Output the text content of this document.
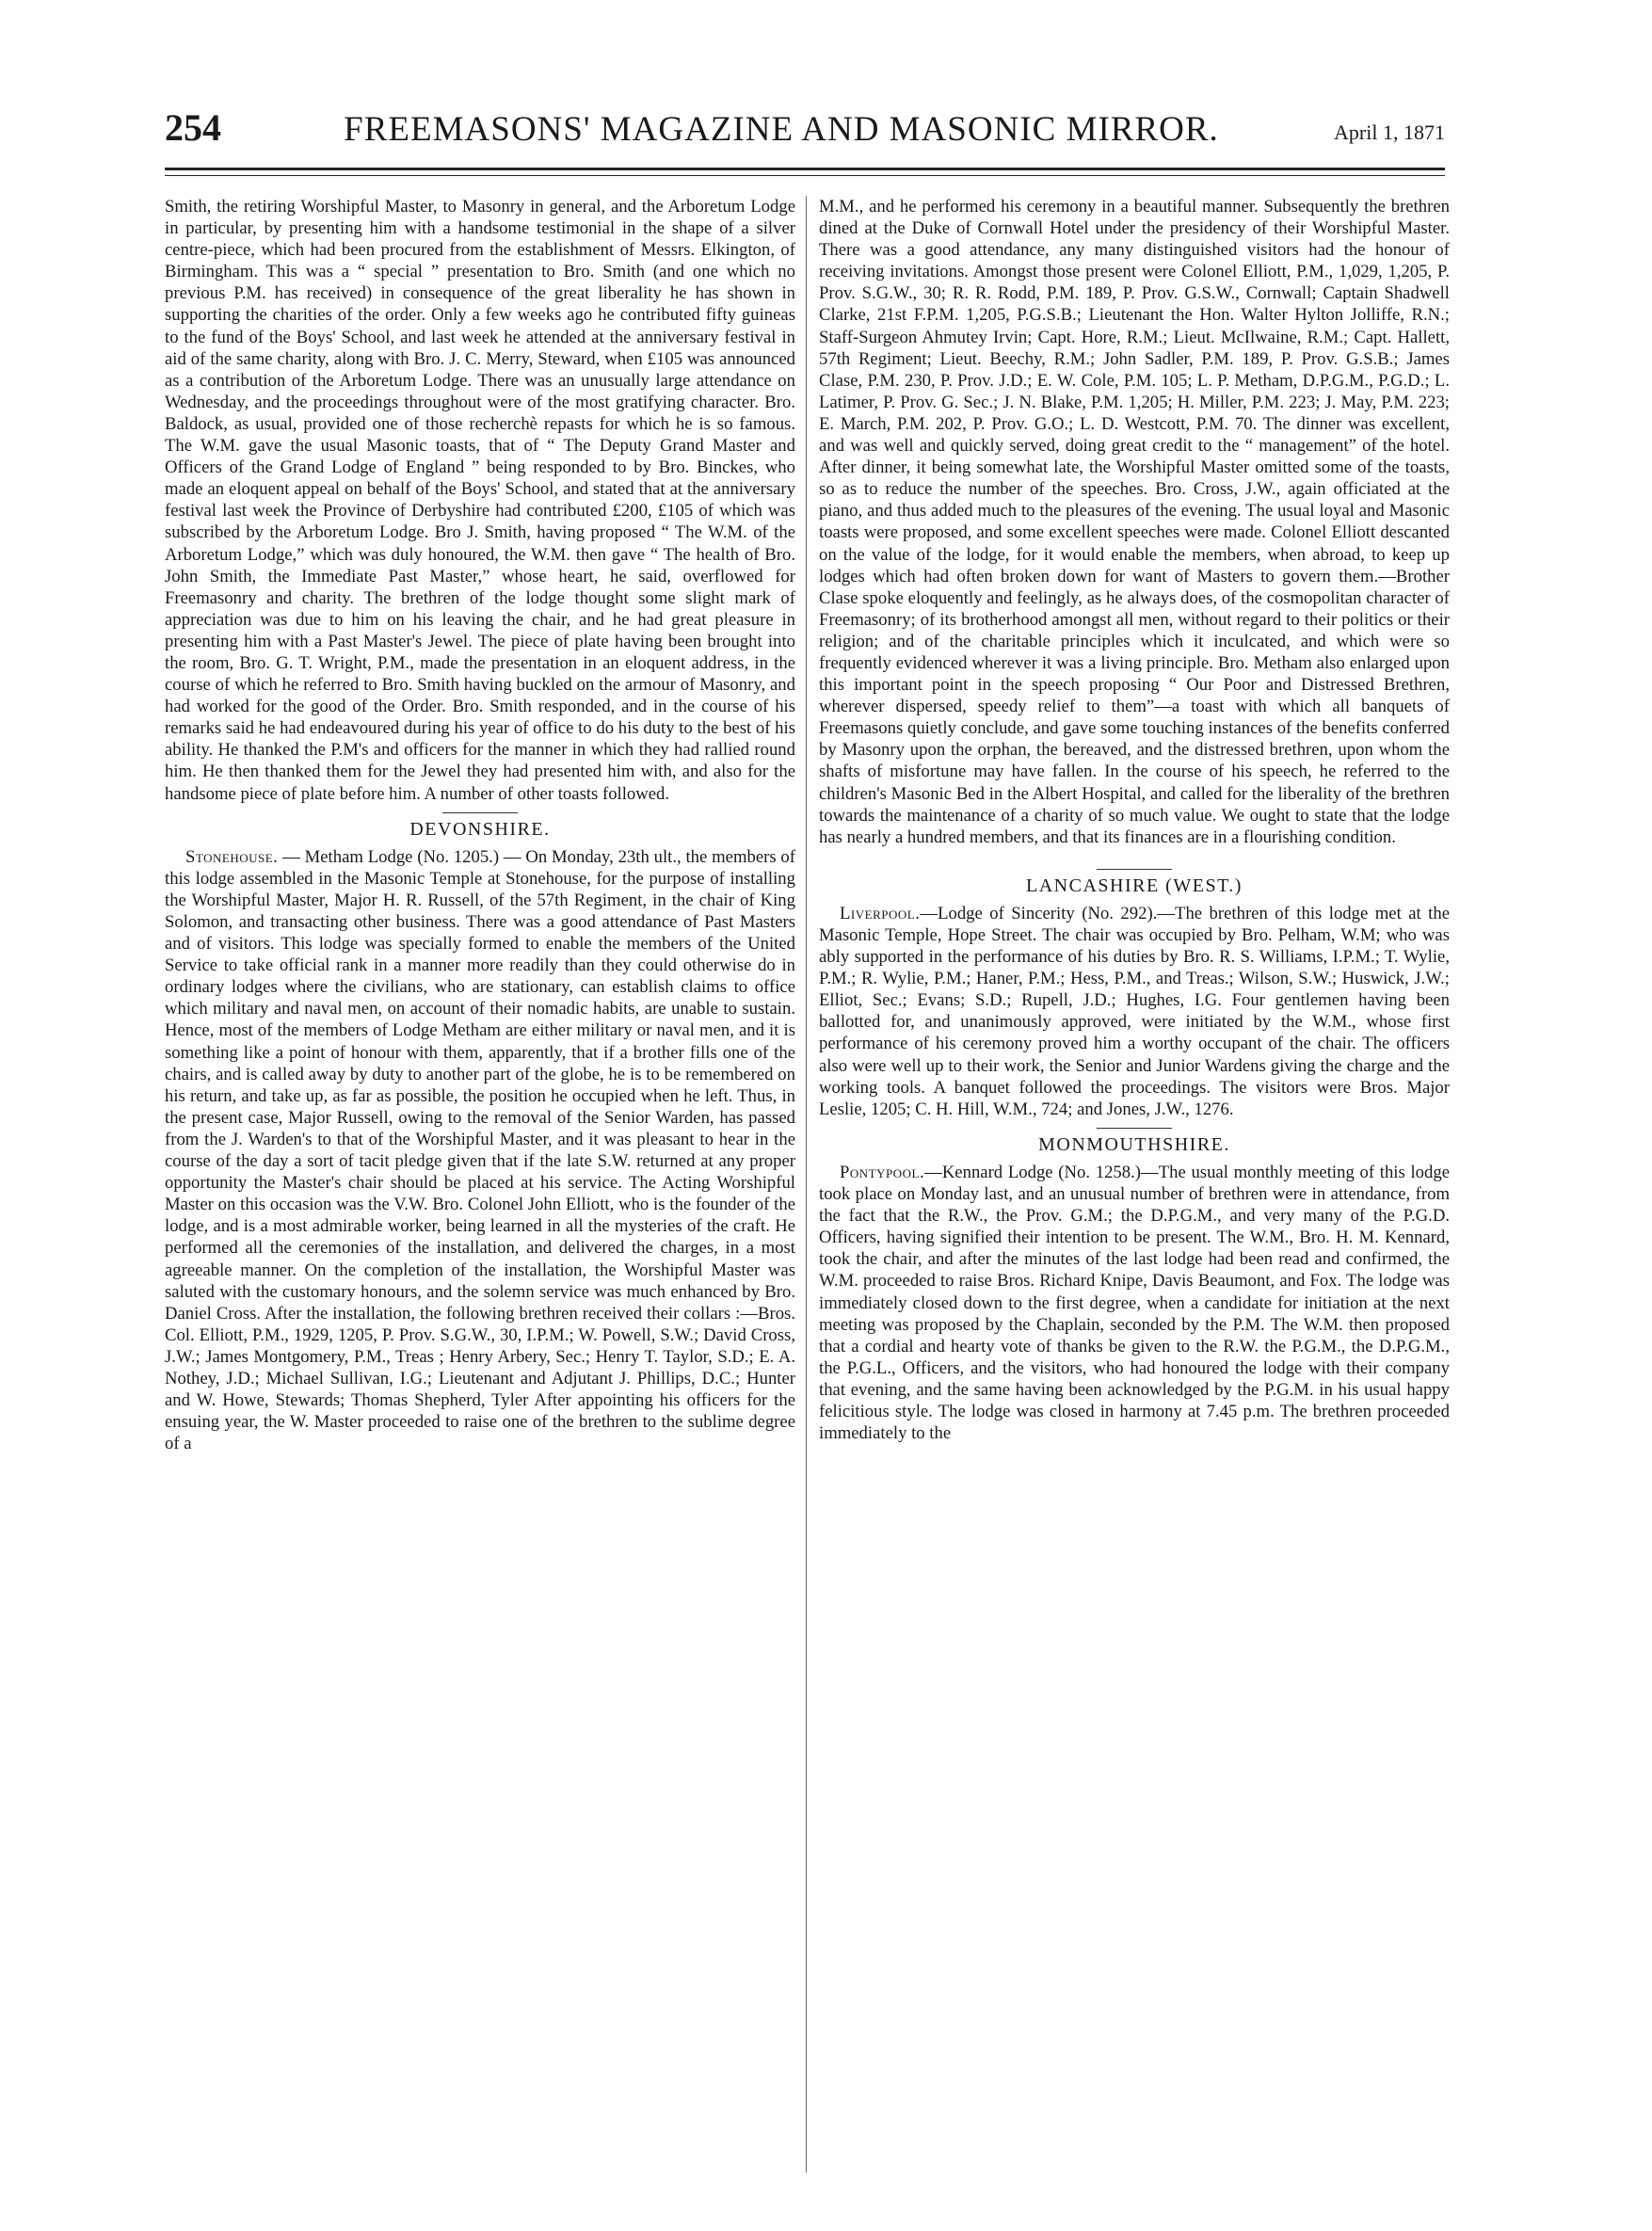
254	FREEMASONS' MAGAZINE AND MASONIC MIRROR.	April 1, 1871

Smith, the retiring Worshipful Master, to Masonry in general, and the Arboretum Lodge in particular, by presenting him with a handsome testimonial in the shape of a silver centre-piece, which had been procured from the establishment of Messrs. Elkington, of Birmingham. This was a “ special ” presentation to Bro. Smith (and one which no previous P.M. has received) in consequence of the great liberality he has shown in supporting the charities of the order. Only a few weeks ago he contributed fifty guineas to the fund of the Boys' School, and last week he attended at the anniversary festival in aid of the same charity, along with Bro. J. C. Merry, Steward, when £105 was announced as a contribution of the Arboretum Lodge. There was an unusually large attendance on Wednesday, and the proceedings throughout were of the most gratifying character. Bro. Baldock, as usual, provided one of those recherchè repasts for which he is so famous. The W.M. gave the usual Masonic toasts, that of “ The Deputy Grand Master and Officers of the Grand Lodge of England ” being responded to by Bro. Binckes, who made an eloquent appeal on behalf of the Boys' School, and stated that at the anniversary festival last week the Province of Derbyshire had contributed £200, £105 of which was subscribed by the Arboretum Lodge. Bro J. Smith, having proposed “ The W.M. of the Arboretum Lodge,” which was duly honoured, the W.M. then gave “ The health of Bro. John Smith, the Immediate Past Master,” whose heart, he said, overflowed for Freemasonry and charity. The brethren of the lodge thought some slight mark of appreciation was due to him on his leaving the chair, and he had great pleasure in presenting him with a Past Master's Jewel. The piece of plate having been brought into the room, Bro. G. T. Wright, P.M., made the presentation in an eloquent address, in the course of which he referred to Bro. Smith having buckled on the armour of Masonry, and had worked for the good of the Order. Bro. Smith responded, and in the course of his remarks said he had endeavoured during his year of office to do his duty to the best of his ability. He thanked the P.M's and officers for the manner in which they had rallied round him. He then thanked them for the Jewel they had presented him with, and also for the handsome piece of plate before him. A number of other toasts followed.

DEVONSHIRE.

Stonehouse. — Metham Lodge (No. 1205.) — On Monday, 23th ult., the members of this lodge assembled in the Masonic Temple at Stonehouse, for the purpose of installing the Worshipful Master, Major H. R. Russell, of the 57th Regiment, in the chair of King Solomon, and transacting other business. There was a good attendance of Past Masters and of visitors. This lodge was specially formed to enable the members of the United Service to take official rank in a manner more readily than they could otherwise do in ordinary lodges where the civilians, who are stationary, can establish claims to office which military and naval men, on account of their nomadic habits, are unable to sustain. Hence, most of the members of Lodge Metham are either military or naval men, and it is something like a point of honour with them, apparently, that if a brother fills one of the chairs, and is called away by duty to another part of the globe, he is to be remembered on his return, and take up, as far as possible, the position he occupied when he left. Thus, in the present case, Major Russell, owing to the removal of the Senior Warden, has passed from the J. Warden's to that of the Worshipful Master, and it was pleasant to hear in the course of the day a sort of tacit pledge given that if the late S.W. returned at any proper opportunity the Master's chair should be placed at his service. The Acting Worshipful Master on this occasion was the V.W. Bro. Colonel John Elliott, who is the founder of the lodge, and is a most admirable worker, being learned in all the mysteries of the craft. He performed all the ceremonies of the installation, and delivered the charges, in a most agreeable manner. On the completion of the installation, the Worshipful Master was saluted with the customary honours, and the solemn service was much enhanced by Bro. Daniel Cross. After the installation, the following brethren received their collars :—Bros. Col. Elliott, P.M., 1929, 1205, P. Prov. S.G.W., 30, I.P.M.; W. Powell, S.W.; David Cross, J.W.; James Montgomery, P.M., Treas ; Henry Arbery, Sec.; Henry T. Taylor, S.D.; E. A. Nothey, J.D.; Michael Sullivan, I.G.; Lieutenant and Adjutant J. Phillips, D.C.; Hunter and W. Howe, Stewards; Thomas Shepherd, Tyler After appointing his officers for the ensuing year, the W. Master proceeded to raise one of the brethren to the sublime degree of a

M.M., and he performed his ceremony in a beautiful manner. Subsequently the brethren dined at the Duke of Cornwall Hotel under the presidency of their Worshipful Master. There was a good attendance, any many distinguished visitors had the honour of receiving invitations. Amongst those present were Colonel Elliott, P.M., 1,029, 1,205, P. Prov. S.G.W., 30; R. R. Rodd, P.M. 189, P. Prov. G.S.W., Cornwall; Captain Shadwell Clarke, 21st F.P.M. 1,205, P.G.S.B.; Lieutenant the Hon. Walter Hylton Jolliffe, R.N.; Staff-Surgeon Ahmutey Irvin; Capt. Hore, R.M.; Lieut. McIlwaine, R.M.; Capt. Hallett, 57th Regiment; Lieut. Beechy, R.M.; John Sadler, P.M. 189, P. Prov. G.S.B.; James Clase, P.M. 230, P. Prov. J.D.; E. W. Cole, P.M. 105; L. P. Metham, D.P.G.M., P.G.D.; L. Latimer, P. Prov. G. Sec.; J. N. Blake, P.M. 1,205; H. Miller, P.M. 223; J. May, P.M. 223; E. March, P.M. 202, P. Prov. G.O.; L. D. Westcott, P.M. 70. The dinner was excellent, and was well and quickly served, doing great credit to the “ management” of the hotel. After dinner, it being somewhat late, the Worshipful Master omitted some of the toasts, so as to reduce the number of the speeches. Bro. Cross, J.W., again officiated at the piano, and thus added much to the pleasures of the evening. The usual loyal and Masonic toasts were proposed, and some excellent speeches were made. Colonel Elliott descanted on the value of the lodge, for it would enable the members, when abroad, to keep up lodges which had often broken down for want of Masters to govern them.—Brother Clase spoke eloquently and feelingly, as he always does, of the cosmopolitan character of Freemasonry; of its brotherhood amongst all men, without regard to their politics or their religion; and of the charitable principles which it inculcated, and which were so frequently evidenced wherever it was a living principle. Bro. Metham also enlarged upon this important point in the speech proposing “ Our Poor and Distressed Brethren, wherever dispersed, speedy relief to them”—a toast with which all banquets of Freemasons quietly conclude, and gave some touching instances of the benefits conferred by Masonry upon the orphan, the bereaved, and the distressed brethren, upon whom the shafts of misfortune may have fallen. In the course of his speech, he referred to the children's Masonic Bed in the Albert Hospital, and called for the liberality of the brethren towards the maintenance of a charity of so much value. We ought to state that the lodge has nearly a hundred members, and that its finances are in a flourishing condition.

LANCASHIRE (WEST.)

Liverpool.—Lodge of Sincerity (No. 292).—The brethren of this lodge met at the Masonic Temple, Hope Street. The chair was occupied by Bro. Pelham, W.M; who was ably supported in the performance of his duties by Bro. R. S. Williams, I.P.M.; T. Wylie, P.M.; R. Wylie, P.M.; Haner, P.M.; Hess, P.M., and Treas.; Wilson, S.W.; Huswick, J.W.; Elliot, Sec.; Evans; S.D.; Rupell, J.D.; Hughes, I.G. Four gentlemen having been ballotted for, and unanimously approved, were initiated by the W.M., whose first performance of his ceremony proved him a worthy occupant of the chair. The officers also were well up to their work, the Senior and Junior Wardens giving the charge and the working tools. A banquet followed the proceedings. The visitors were Bros. Major Leslie, 1205; C. H. Hill, W.M., 724; and Jones, J.W., 1276.

MONMOUTHSHIRE.

Pontypool.—Kennard Lodge (No. 1258.)—The usual monthly meeting of this lodge took place on Monday last, and an unusual number of brethren were in attendance, from the fact that the R.W., the Prov. G.M.; the D.P.G.M., and very many of the P.G.D. Officers, having signified their intention to be present. The W.M., Bro. H. M. Kennard, took the chair, and after the minutes of the last lodge had been read and confirmed, the W.M. proceeded to raise Bros. Richard Knipe, Davis Beaumont, and Fox. The lodge was immediately closed down to the first degree, when a candidate for initiation at the next meeting was proposed by the Chaplain, seconded by the P.M. The W.M. then proposed that a cordial and hearty vote of thanks be given to the R.W. the P.G.M., the D.P.G.M., the P.G.L., Officers, and the visitors, who had honoured the lodge with their company that evening, and the same having been acknowledged by the P.G.M. in his usual happy felicitious style. The lodge was closed in harmony at 7.45 p.m. The brethren proceeded immediately to the
